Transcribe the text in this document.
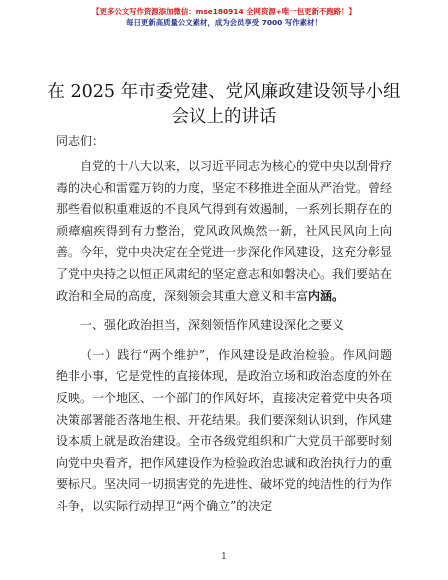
【更多公文写作资源添加微信：mse180914 全网资源+唯一包更新不跑路！】
每日更新高质量公文素材，成为会员享受 7000 写作素材！
在 2025 年市委党建、党风廉政建设领导小组会议上的讲话
同志们：

自党的十八大以来，以习近平同志为核心的党中央以刮骨疗毒的决心和雷霆万钧的力度，坚定不移推进全面从严治党。曾经那些看似积重难返的不良风气得到有效遏制，一系列长期存在的顽瘴痼疾得到有力整治，党风政风焕然一新，社风民风向上向善。今年，党中央决定在全党进一步深化作风建设，这充分彰显了党中央持之以恒正风肃纪的坚定意志和如磐决心。我们要站在政治和全局的高度，深刻领会其重大意义和丰富内涵。

一、强化政治担当，深刻领悟作风建设深化之要义

（一）践行“两个维护”，作风建设是政治检验。作风问题绝非小事，它是党性的直接体现，是政治立场和政治态度的外在反映。一个地区、一个部门的作风好坏，直接决定着党中央各项决策部署能否落地生根、开花结果。我们要深刻认识到，作风建设本质上就是政治建设。全市各级党组织和广大党员干部要时刻向党中央看齐，把作风建设作为检验政治忠诚和政治执行力的重要标尺。坚决同一切损害党的先进性、破坏党的纯洁性的行为作斗争，以实际行动捍卫“两个确立”的决定

1
